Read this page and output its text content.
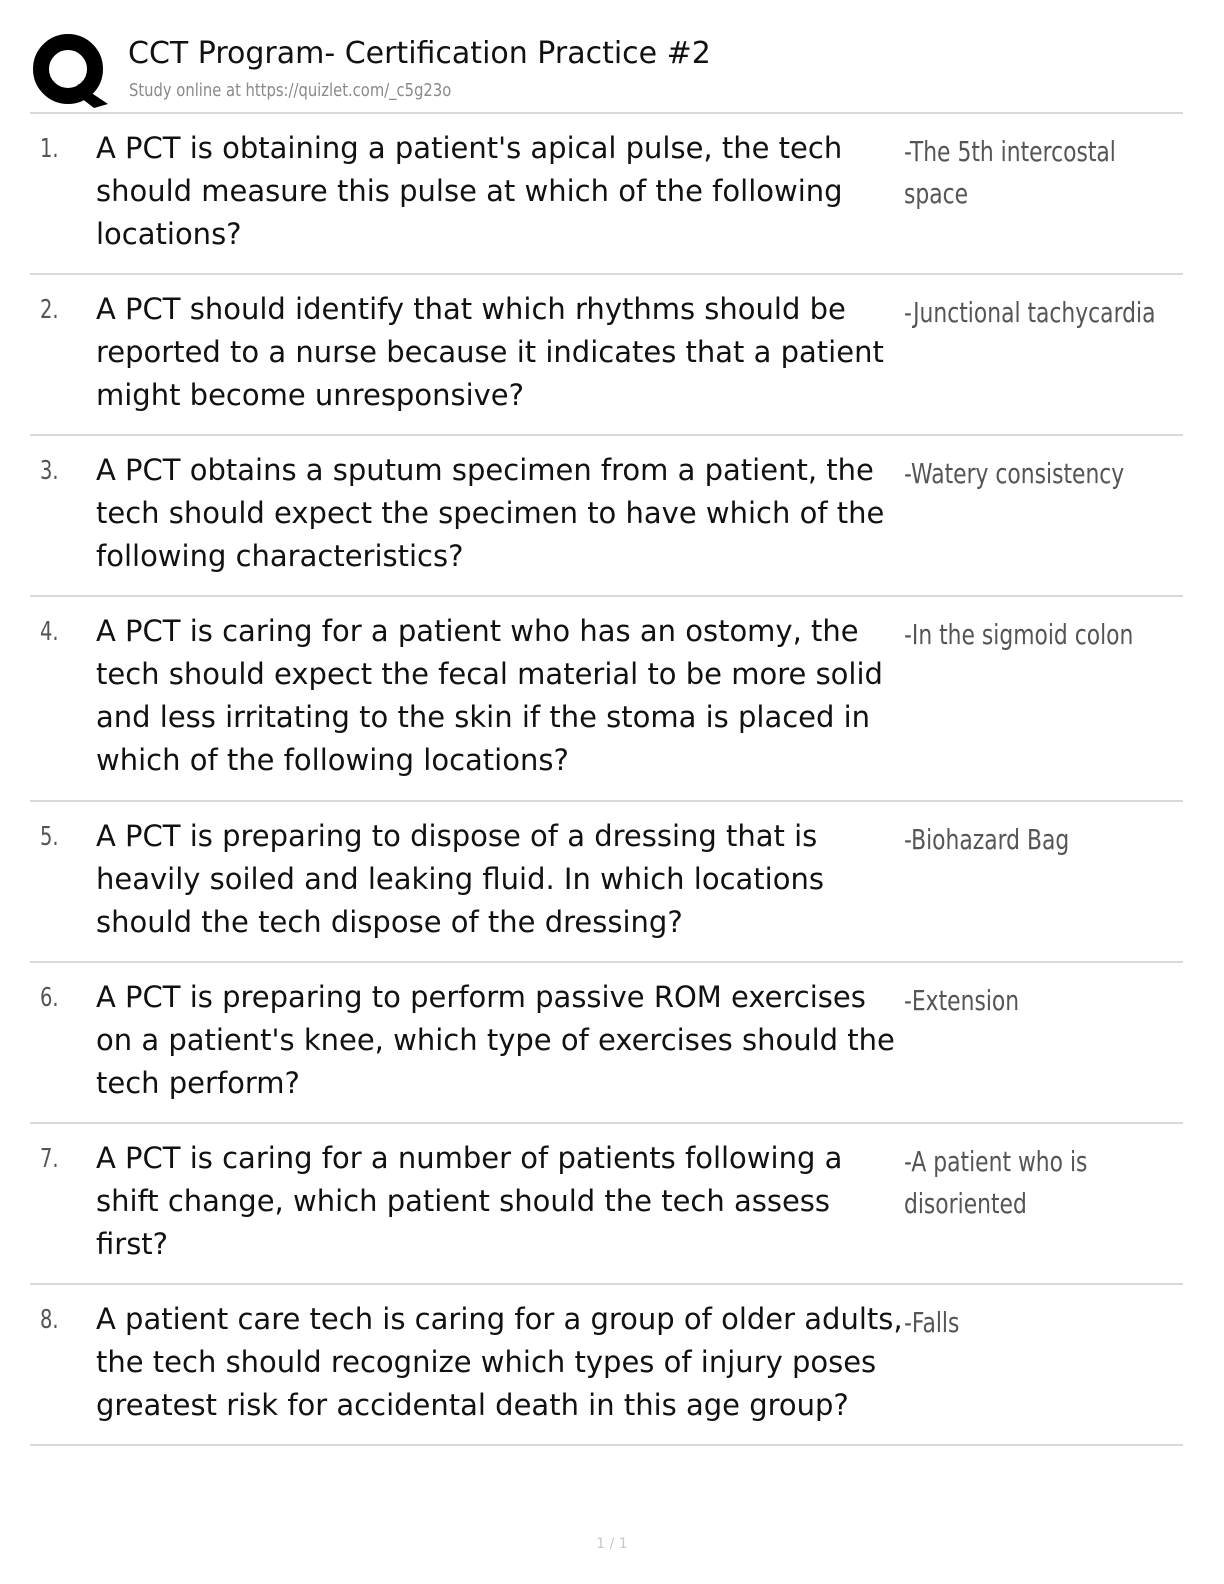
CCT Program- Certification Practice #2
Study online at https://quizlet.com/_c5g23o
1. A PCT is obtaining a patient's apical pulse, the tech should measure this pulse at which of the following locations?
-The 5th intercostal space
2. A PCT should identify that which rhythms should be reported to a nurse because it indicates that a patient might become unresponsive?
-Junctional tachycardia
3. A PCT obtains a sputum specimen from a patient, the tech should expect the specimen to have which of the following characteristics?
-Watery consistency
4. A PCT is caring for a patient who has an ostomy, the tech should expect the fecal material to be more solid and less irritating to the skin if the stoma is placed in which of the following locations?
-In the sigmoid colon
5. A PCT is preparing to dispose of a dressing that is heavily soiled and leaking fluid. In which locations should the tech dispose of the dressing?
-Biohazard Bag
6. A PCT is preparing to perform passive ROM exercises on a patient's knee, which type of exercises should the tech perform?
-Extension
7. A PCT is caring for a number of patients following a shift change, which patient should the tech assess first?
-A patient who is disoriented
8. A patient care tech is caring for a group of older adults, the tech should recognize which types of injury poses greatest risk for accidental death in this age group?
-Falls
1 / 1
